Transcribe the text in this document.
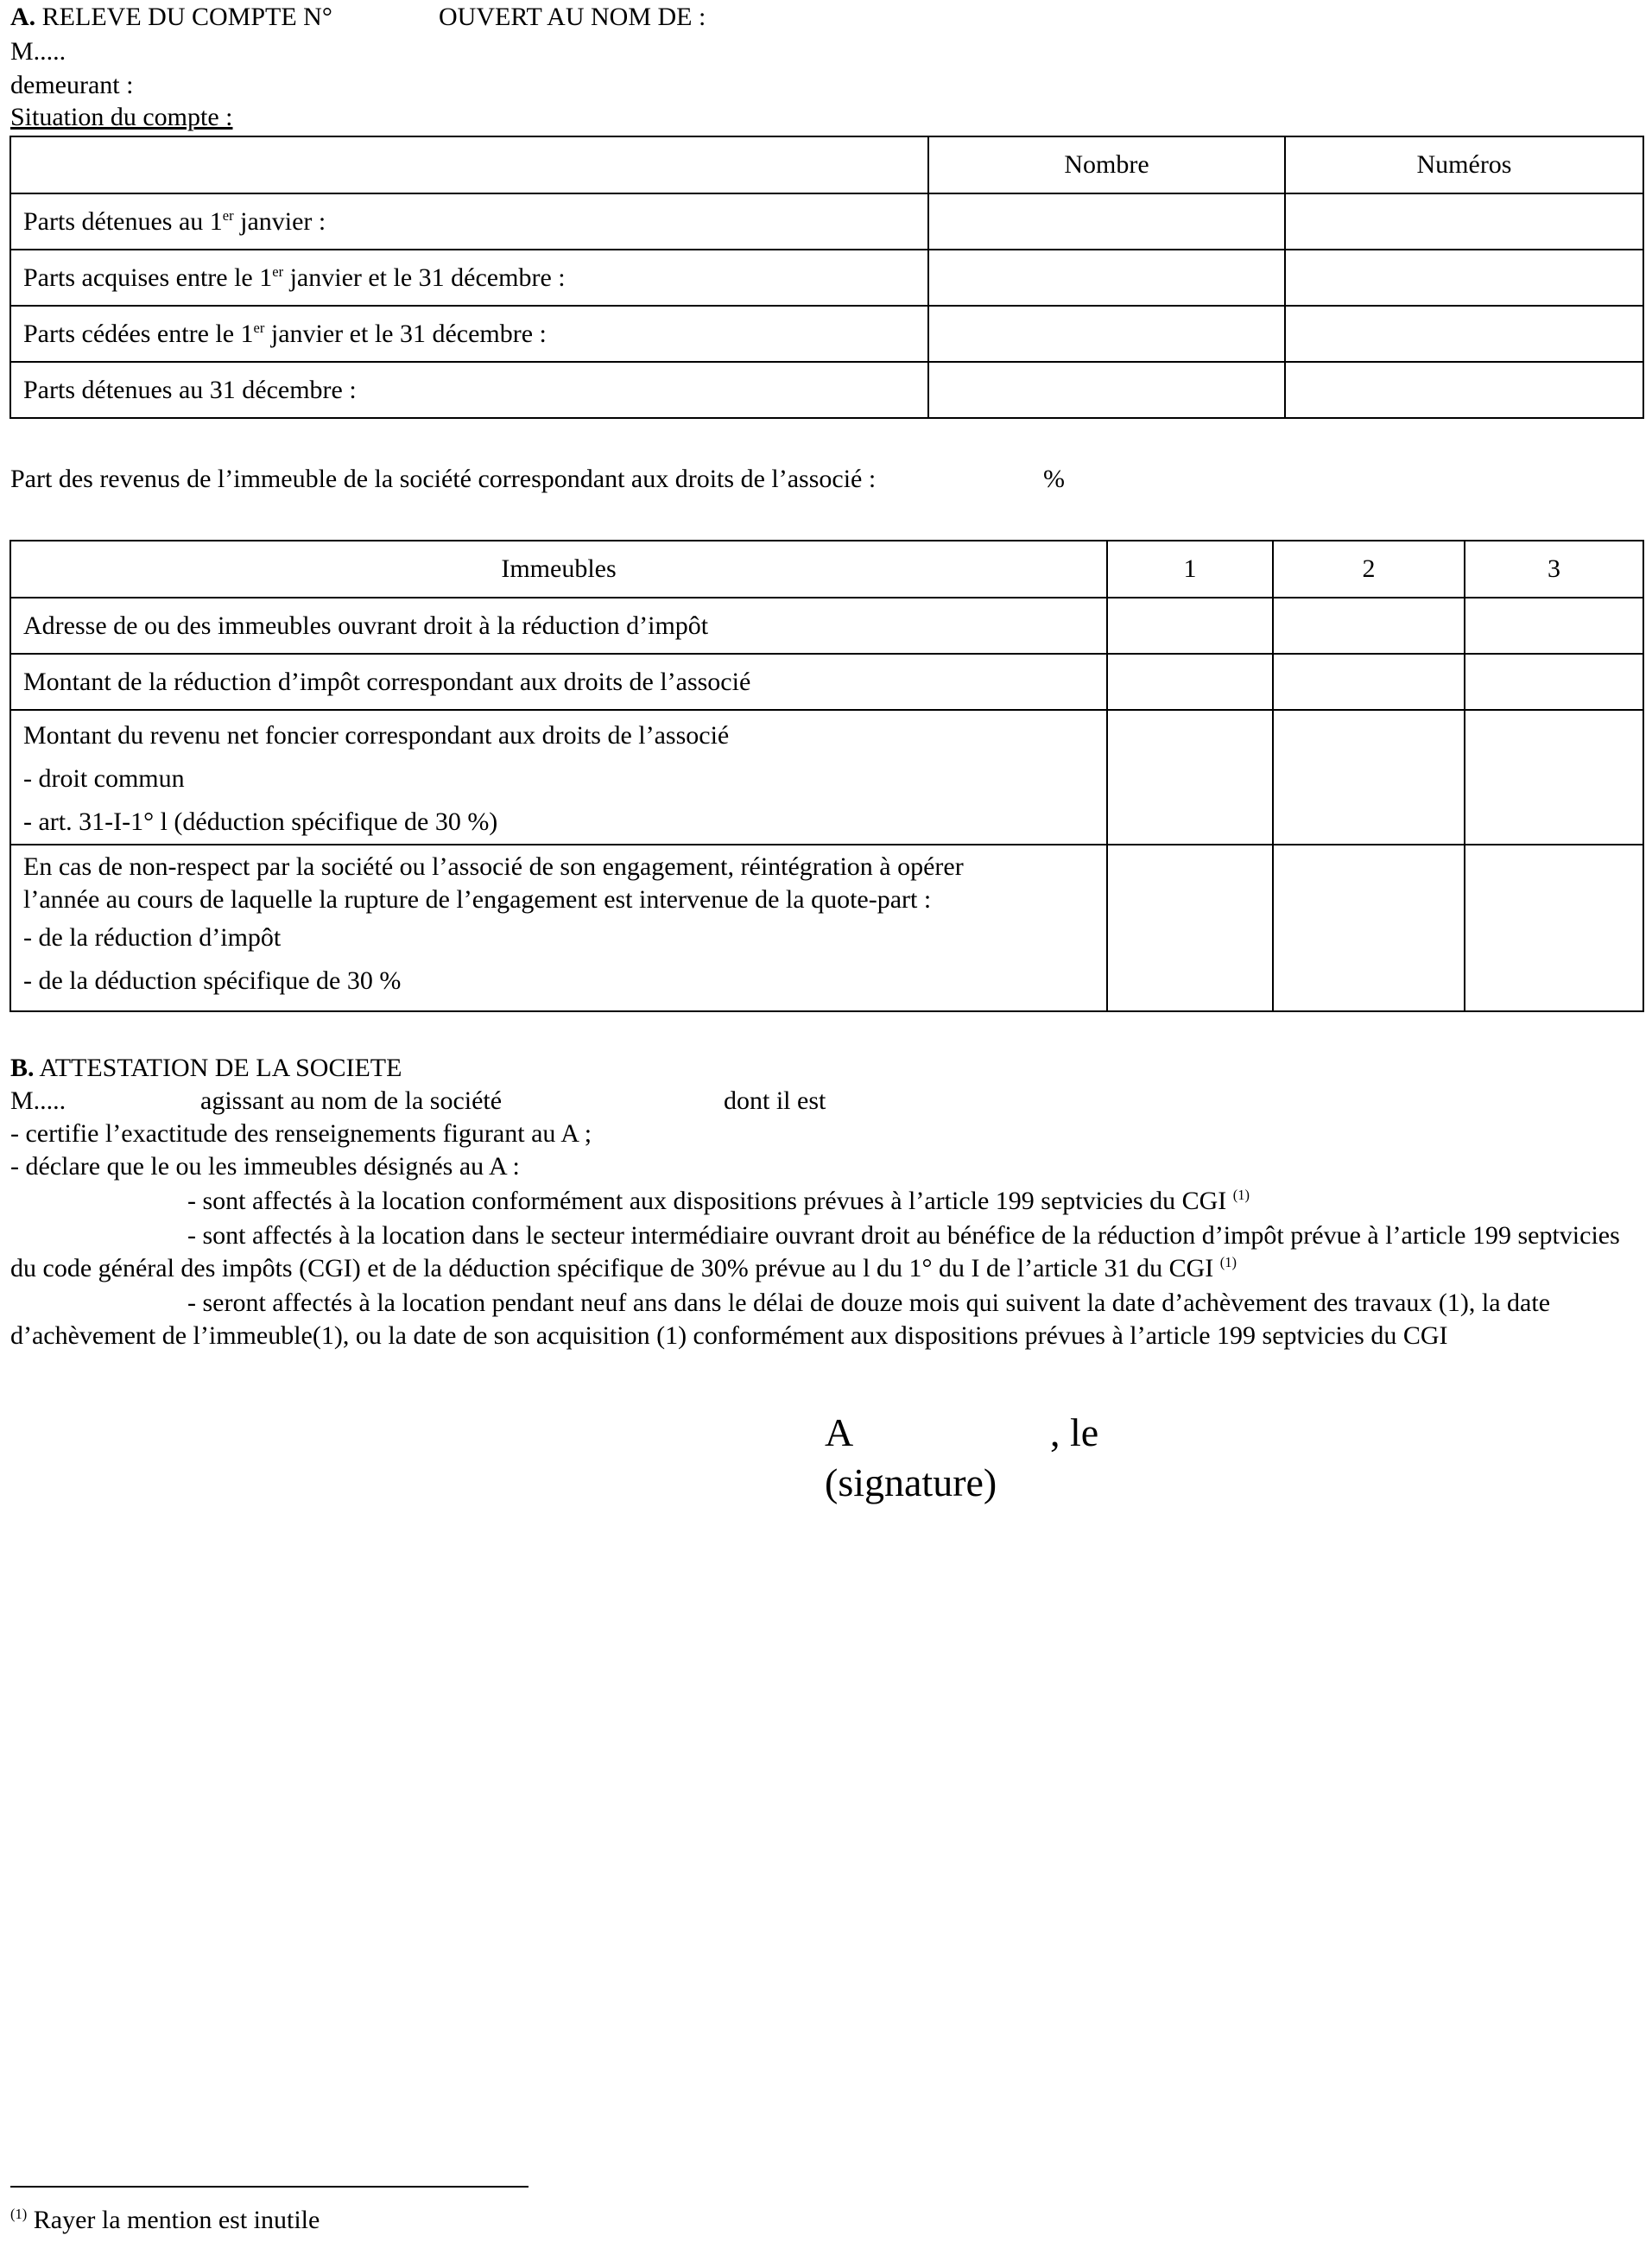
A. RELEVE DU COMPTE N°	OUVERT AU NOM DE :
M.....
demeurant :
Situation du compte :
	Nombre	Numéros
Parts détenues au 1er janvier :		
Parts acquises entre le 1er janvier et le 31 décembre :		
Parts cédées entre le 1er janvier et le 31 décembre :		
Parts détenues au 31 décembre :		
Part des revenus de l’immeuble de la société correspondant aux droits de l’associé :	%
Immeubles	1	2	3
Adresse de ou des immeubles ouvrant droit à la réduction d’impôt			
Montant de la réduction d’impôt correspondant aux droits de l’associé			

Montant du revenu net foncier correspondant aux droits de l’associé
- droit commun
- art. 31-I-1° l (déduction spécifique de 30 %)			

En cas de non-respect par la société ou l’associé de son engagement, réintégration à opérer
l’année au cours de laquelle la rupture de l’engagement est intervenue de la quote-part :
- de la réduction d’impôt
- de la déduction spécifique de 30 %			

B. ATTESTATION DE LA SOCIETE
M.....	agissant au nom de la société	dont il est
- certifie l’exactitude des renseignements figurant au A ;
- déclare que le ou les immeubles désignés au A :
- sont affectés à la location conformément aux dispositions prévues à l’article 199 septvicies du CGI $^{(1)}$
- sont affectés à la location dans le secteur intermédiaire ouvrant droit au bénéfice de la réduction d’impôt prévue à l’article 199 septvicies du code général des impôts (CGI) et de la déduction spécifique de 30% prévue au l du 1° du I de l’article 31 du CGI $^{(1)}$
- seront affectés à la location pendant neuf ans dans le délai de douze mois qui suivent la date d’achèvement des travaux (1), la date d’achèvement de l’immeuble(1), ou la date de son acquisition (1) conformément aux dispositions prévues à l’article 199 septvicies du CGI
A	, le
(signature)
$^{(1)}$ Rayer la mention est inutile
